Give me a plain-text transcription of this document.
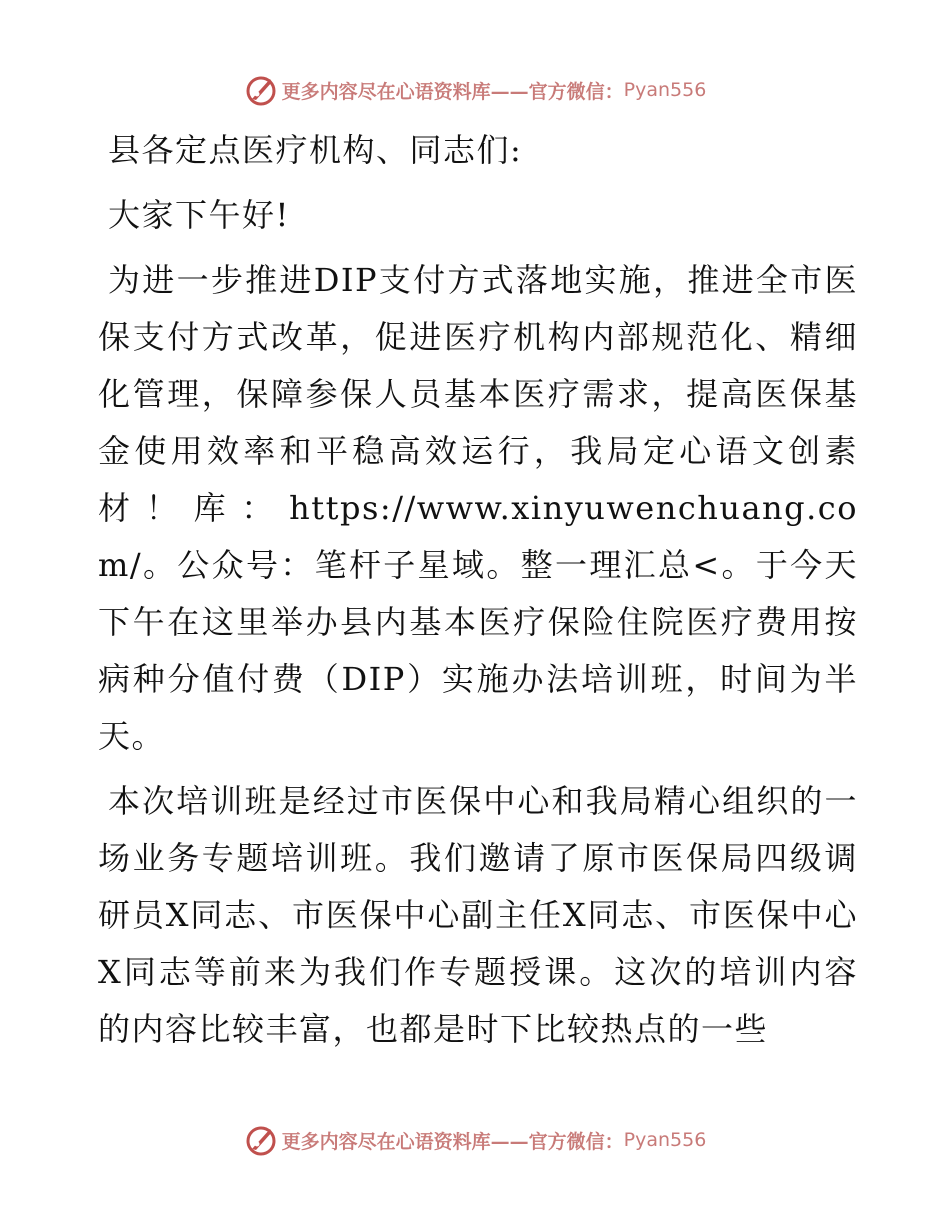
更多内容尽在心语资料库——官方微信： Pyan556

县各定点医疗机构、同志们:

大家下午好!

为进一步推进DIP支付方式落地实施，推进全市医保支付方式改革，促进医疗机构内部规范化、精细化管理，保障参保人员基本医疗需求，提高医保基金使用效率和平稳高效运行，我局定心语文创素材！库：https://www.xinyuwenchuang.com/。公众号：笔杆子星域。整一理汇总<。于今天下午在这里举办县内基本医疗保险住院医疗费用按病种分值付费（DIP）实施办法培训班，时间为半天。

本次培训班是经过市医保中心和我局精心组织的一场业务专题培训班。我们邀请了原市医保局四级调研员X同志、市医保中心副主任X同志、市医保中心X同志等前来为我们作专题授课。这次的培训内容的内容比较丰富，也都是时下比较热点的一些

更多内容尽在心语资料库——官方微信： Pyan556
